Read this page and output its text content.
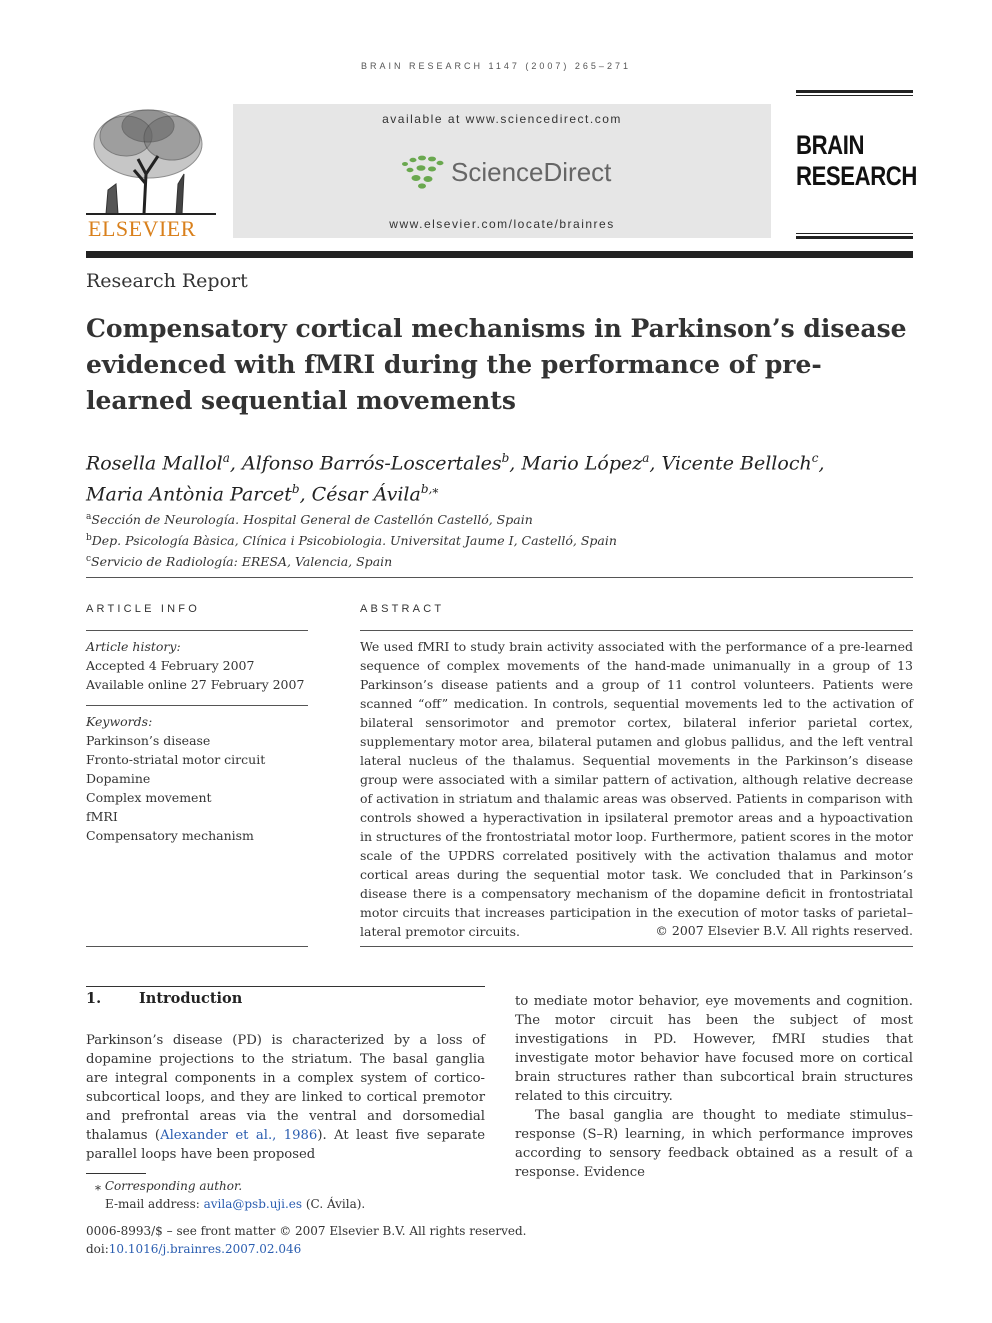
BRAIN RESEARCH 1147 (2007) 265–271
ELSEVIER
available at www.sciencedirect.com
ScienceDirect
www.elsevier.com/locate/brainres
BRAIN
RESEARCH
Research Report
Compensatory cortical mechanisms in Parkinson’s disease evidenced with fMRI during the performance of pre-learned sequential movements
Rosella Mallol$^a$, Alfonso Barrós-Loscertales$^b$, Mario López$^a$, Vicente Belloch$^c$,
Maria Antònia Parcet$^b$, César Ávila$^{b,⁎}$
$^a$Sección de Neurología. Hospital General de Castellón Castelló, Spain
$^b$Dep. Psicología Bàsica, Clínica i Psicobiologia. Universitat Jaume I, Castelló, Spain
$^c$Servicio de Radiología: ERESA, Valencia, Spain
ARTICLE INFO
Article history:
Accepted 4 February 2007
Available online 27 February 2007
Keywords:
Parkinson’s disease
Fronto-striatal motor circuit
Dopamine
Complex movement
fMRI
Compensatory mechanism
ABSTRACT
We used fMRI to study brain activity associated with the performance of a pre-learned sequence of complex movements of the hand-made unimanually in a group of 13 Parkinson’s disease patients and a group of 11 control volunteers. Patients were scanned “off” medication. In controls, sequential movements led to the activation of bilateral sensorimotor and premotor cortex, bilateral inferior parietal cortex, supplementary motor area, bilateral putamen and globus pallidus, and the left ventral lateral nucleus of the thalamus. Sequential movements in the Parkinson’s disease group were associated with a similar pattern of activation, although relative decrease of activation in striatum and thalamic areas was observed. Patients in comparison with controls showed a hyperactivation in ipsilateral premotor areas and a hypoactivation in structures of the frontostriatal motor loop. Furthermore, patient scores in the motor scale of the UPDRS correlated positively with the activation thalamus and motor cortical areas during the sequential motor task. We concluded that in Parkinson’s disease there is a compensatory mechanism of the dopamine deficit in frontostriatal motor circuits that increases participation in the execution of motor tasks of parietal–lateral premotor circuits.	© 2007 Elsevier B.V. All rights reserved.
1.	Introduction

Parkinson’s disease (PD) is characterized by a loss of dopamine projections to the striatum. The basal ganglia are integral components in a complex system of cortico-subcortical loops, and they are linked to cortical premotor and prefrontal areas via the ventral and dorsomedial thalamus (Alexander et al., 1986). At least five separate parallel loops have been proposed

to mediate motor behavior, eye movements and cognition. The motor circuit has been the subject of most investigations in PD. However, fMRI studies that investigate motor behavior have focused more on cortical brain structures rather than subcortical brain structures related to this circuitry.

The basal ganglia are thought to mediate stimulus–response (S–R) learning, in which performance improves according to sensory feedback obtained as a result of a response. Evidence

⁎ Corresponding author.
E-mail address: avila@psb.uji.es (C. Ávila).
0006-8993/$ – see front matter © 2007 Elsevier B.V. All rights reserved.
doi:10.1016/j.brainres.2007.02.046
